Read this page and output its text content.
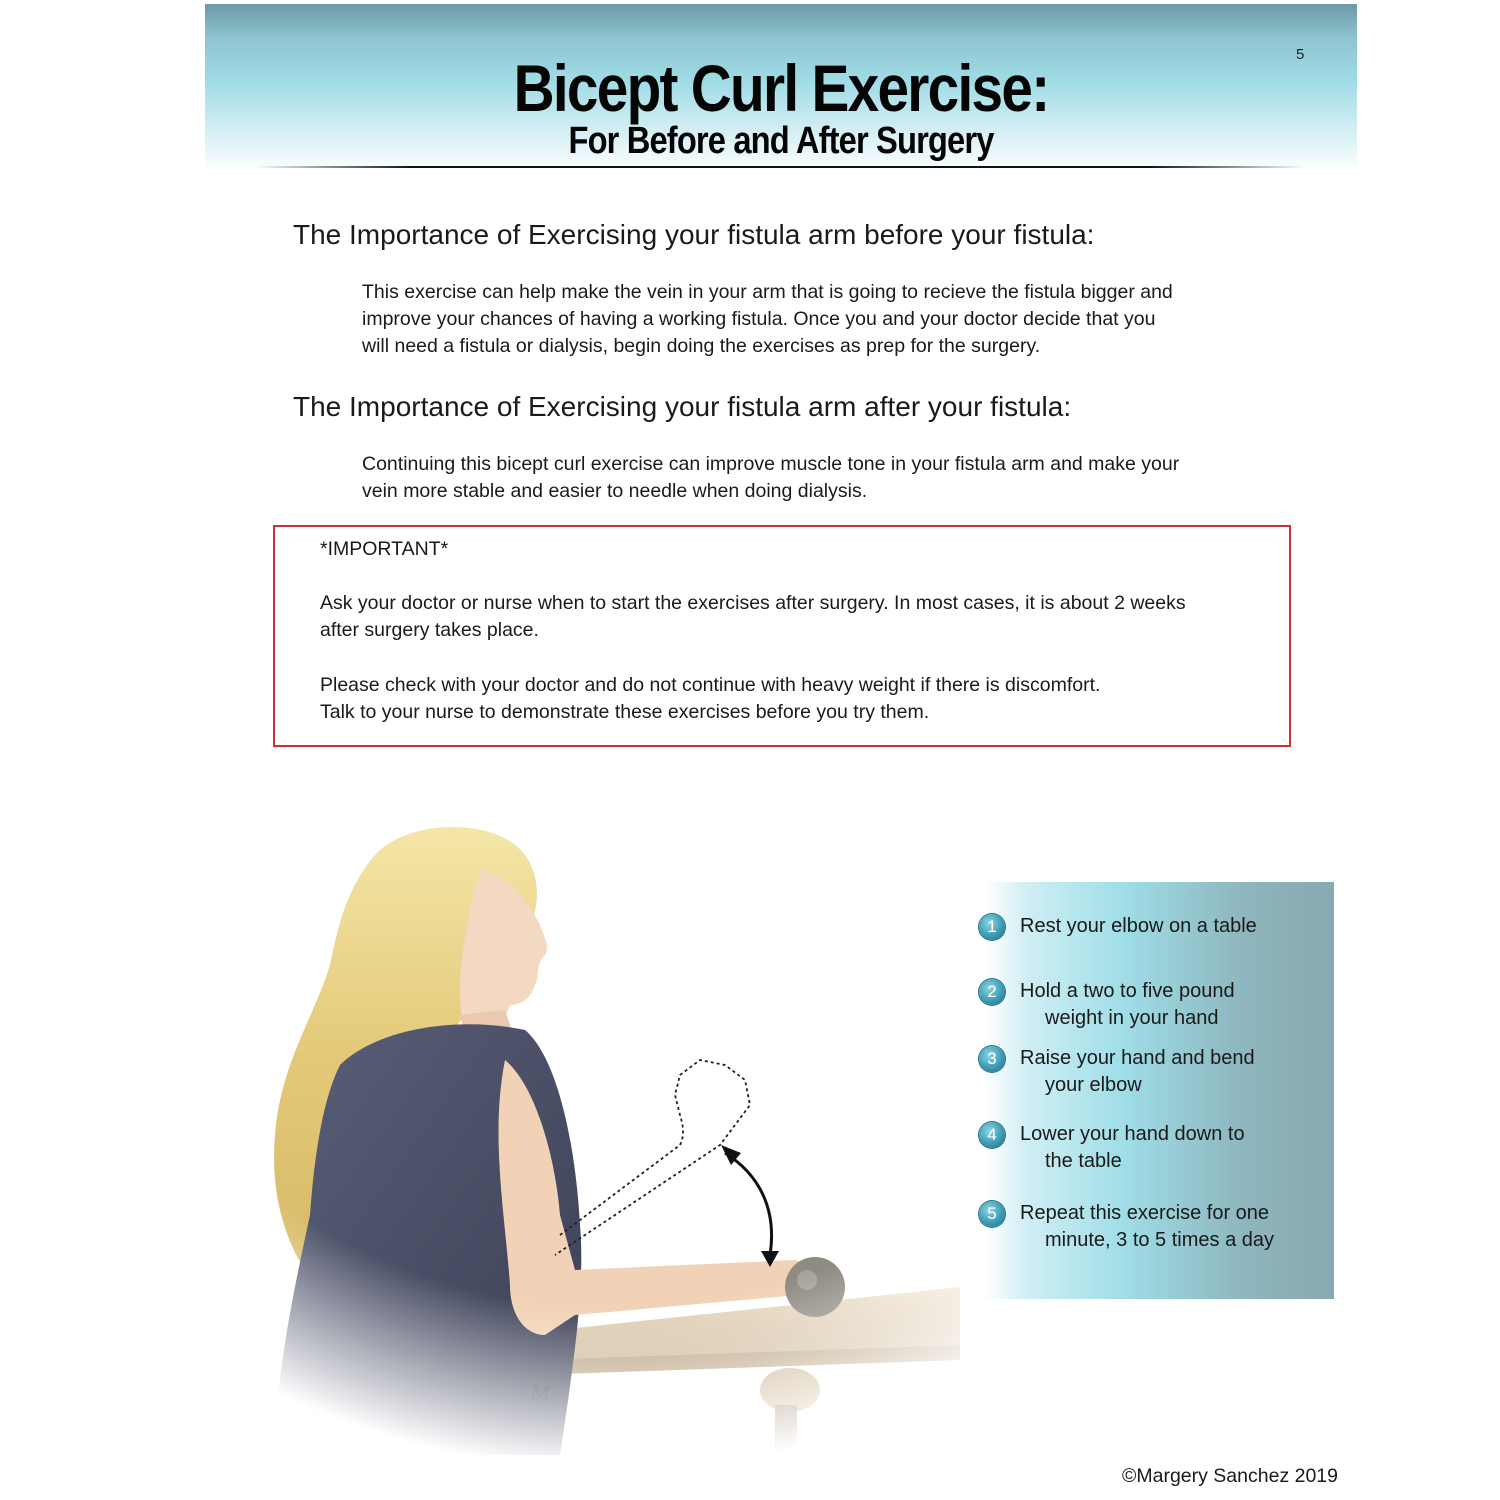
5
Bicept Curl Exercise:
For Before and After Surgery
The Importance of Exercising your fistula arm before your fistula:
This exercise can help make the vein in your arm that is going to recieve the fistula bigger and
improve your chances of having a working fistula. Once you and your doctor decide that you
will need a fistula or dialysis, begin doing the exercises as prep for the surgery.
The Importance of Exercising your fistula arm after your fistula:
Continuing this bicept curl exercise can improve muscle tone in your fistula arm and make your
vein more stable and easier to needle when doing dialysis.
*IMPORTANT*
Ask your doctor or nurse when to start the exercises after surgery. In most cases, it is about 2 weeks
after surgery takes place.
Please check with your doctor and do not continue with heavy weight if there is discomfort.
Talk to your nurse to demonstrate these exercises before you try them.
1	Rest your elbow on a table
2	Hold a two to five pound
weight in your hand
3	Raise your hand and bend
your elbow
4	Lower your hand down to
the table
5	Repeat this exercise for one
minute, 3 to 5 times a day
©Margery Sanchez 2019
